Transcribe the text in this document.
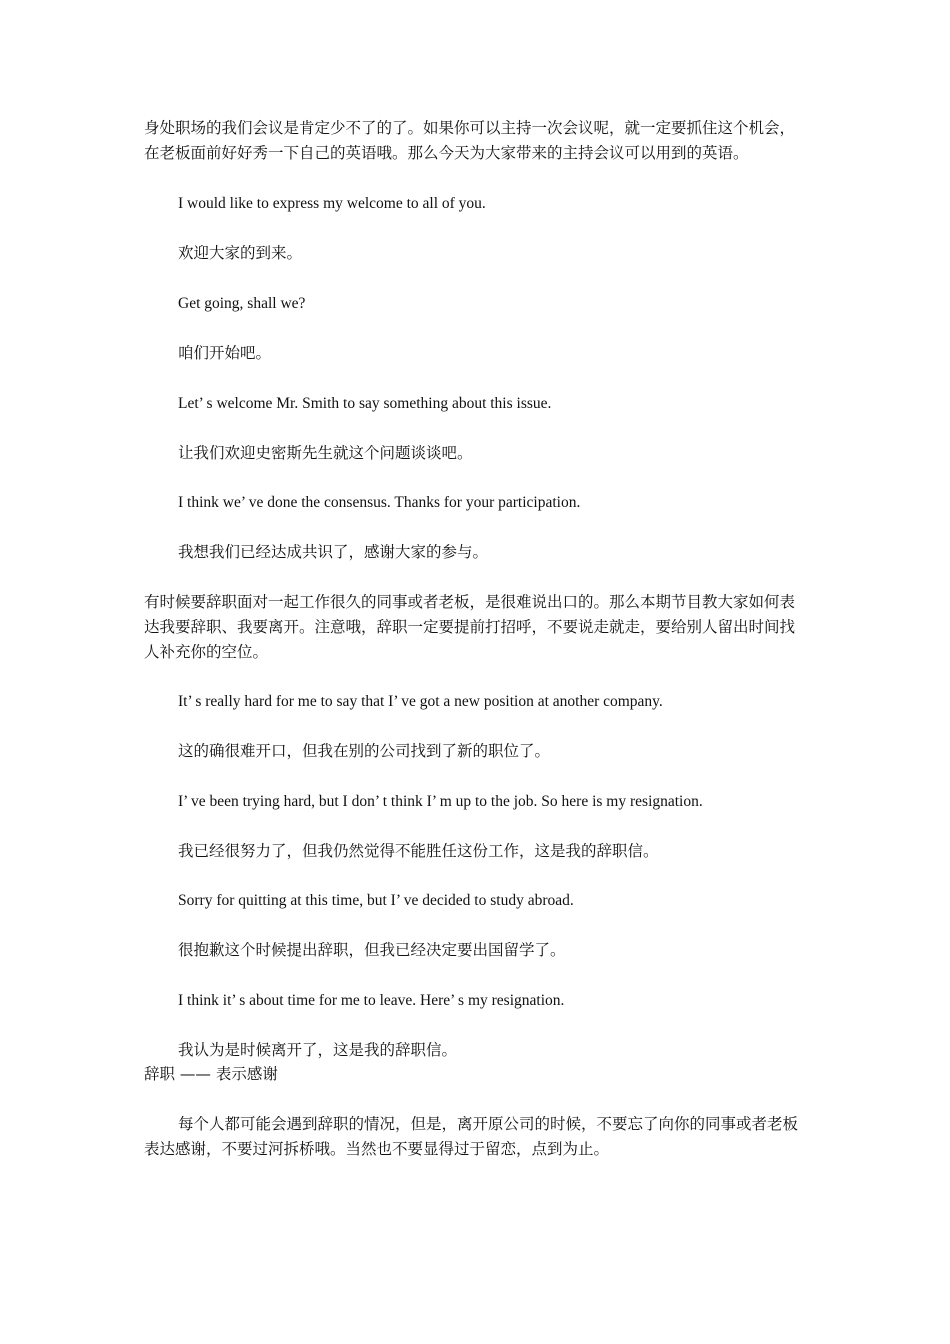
身处职场的我们会议是肯定少不了的了。如果你可以主持一次会议呢，就一定要抓住这个机会，在老板面前好好秀一下自己的英语哦。那么今天为大家带来的主持会议可以用到的英语。

I would like to express my welcome to all of you.

欢迎大家的到来。

Get going, shall we?

咱们开始吧。

Let’ s welcome Mr. Smith to say something about this issue.

让我们欢迎史密斯先生就这个问题谈谈吧。

I think we’ ve done the consensus. Thanks for your participation.

我想我们已经达成共识了，感谢大家的参与。

有时候要辞职面对一起工作很久的同事或者老板，是很难说出口的。那么本期节目教大家如何表达我要辞职、我要离开。注意哦，辞职一定要提前打招呼，不要说走就走，要给别人留出时间找人补充你的空位。

It’ s really hard for me to say that I’ ve got a new position at another company.

这的确很难开口，但我在别的公司找到了新的职位了。

I’ ve been trying hard, but I don’ t think I’ m up to the job. So here is my resignation.

我已经很努力了，但我仍然觉得不能胜任这份工作，这是我的辞职信。

Sorry for quitting at this time, but I’ ve decided to study abroad.

很抱歉这个时候提出辞职，但我已经决定要出国留学了。

I think it’ s about time for me to leave. Here’ s my resignation.

我认为是时候离开了，这是我的辞职信。

辞职 —— 表示感谢

每个人都可能会遇到辞职的情况，但是，离开原公司的时候，不要忘了向你的同事或者老板表达感谢，不要过河拆桥哦。当然也不要显得过于留恋，点到为止。
